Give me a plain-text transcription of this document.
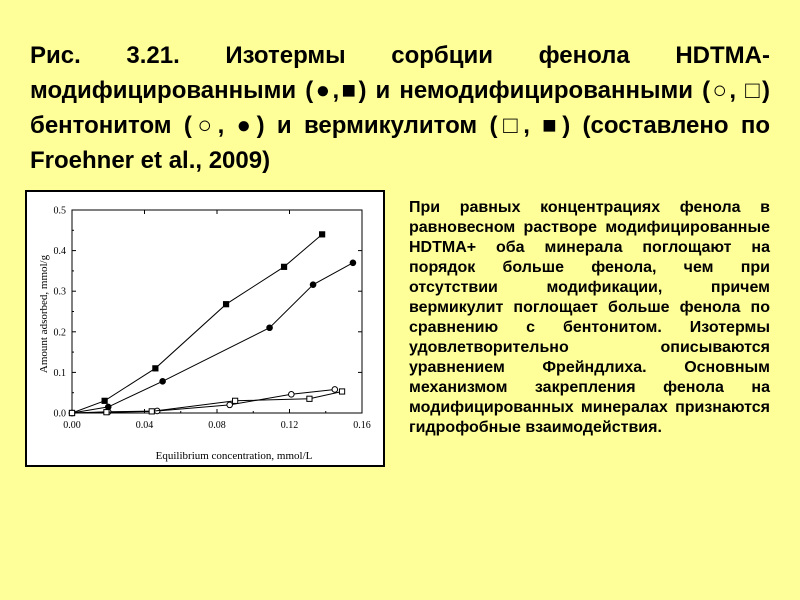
Рис. 3.21. Изотермы сорбции фенола HDTMA-модифицированными (●,■) и немодифицированными (○, □) бентонитом (○, ●) и вермикулитом (□, ■) (составлено по Froehner et al., 2009)

0.00	0.04	0.08	0.12	0.16
0.0
0.1
0.2
0.3
0.4
0.5
Equilibrium concentration, mmol/L
Amount adsorbed, mmol/g

При равных концентрациях фенола в равновесном растворе модифицированные HDTMA+ оба минерала поглощают на порядок больше фенола, чем при отсутствии модификации, причем вермикулит поглощает больше фенола по сравнению с бентонитом. Изотермы удовлетворительно описываются уравнением Фрейндлиха. Основным механизмом закрепления фенола на модифицированных минералах признаются гидрофобные взаимодействия.
